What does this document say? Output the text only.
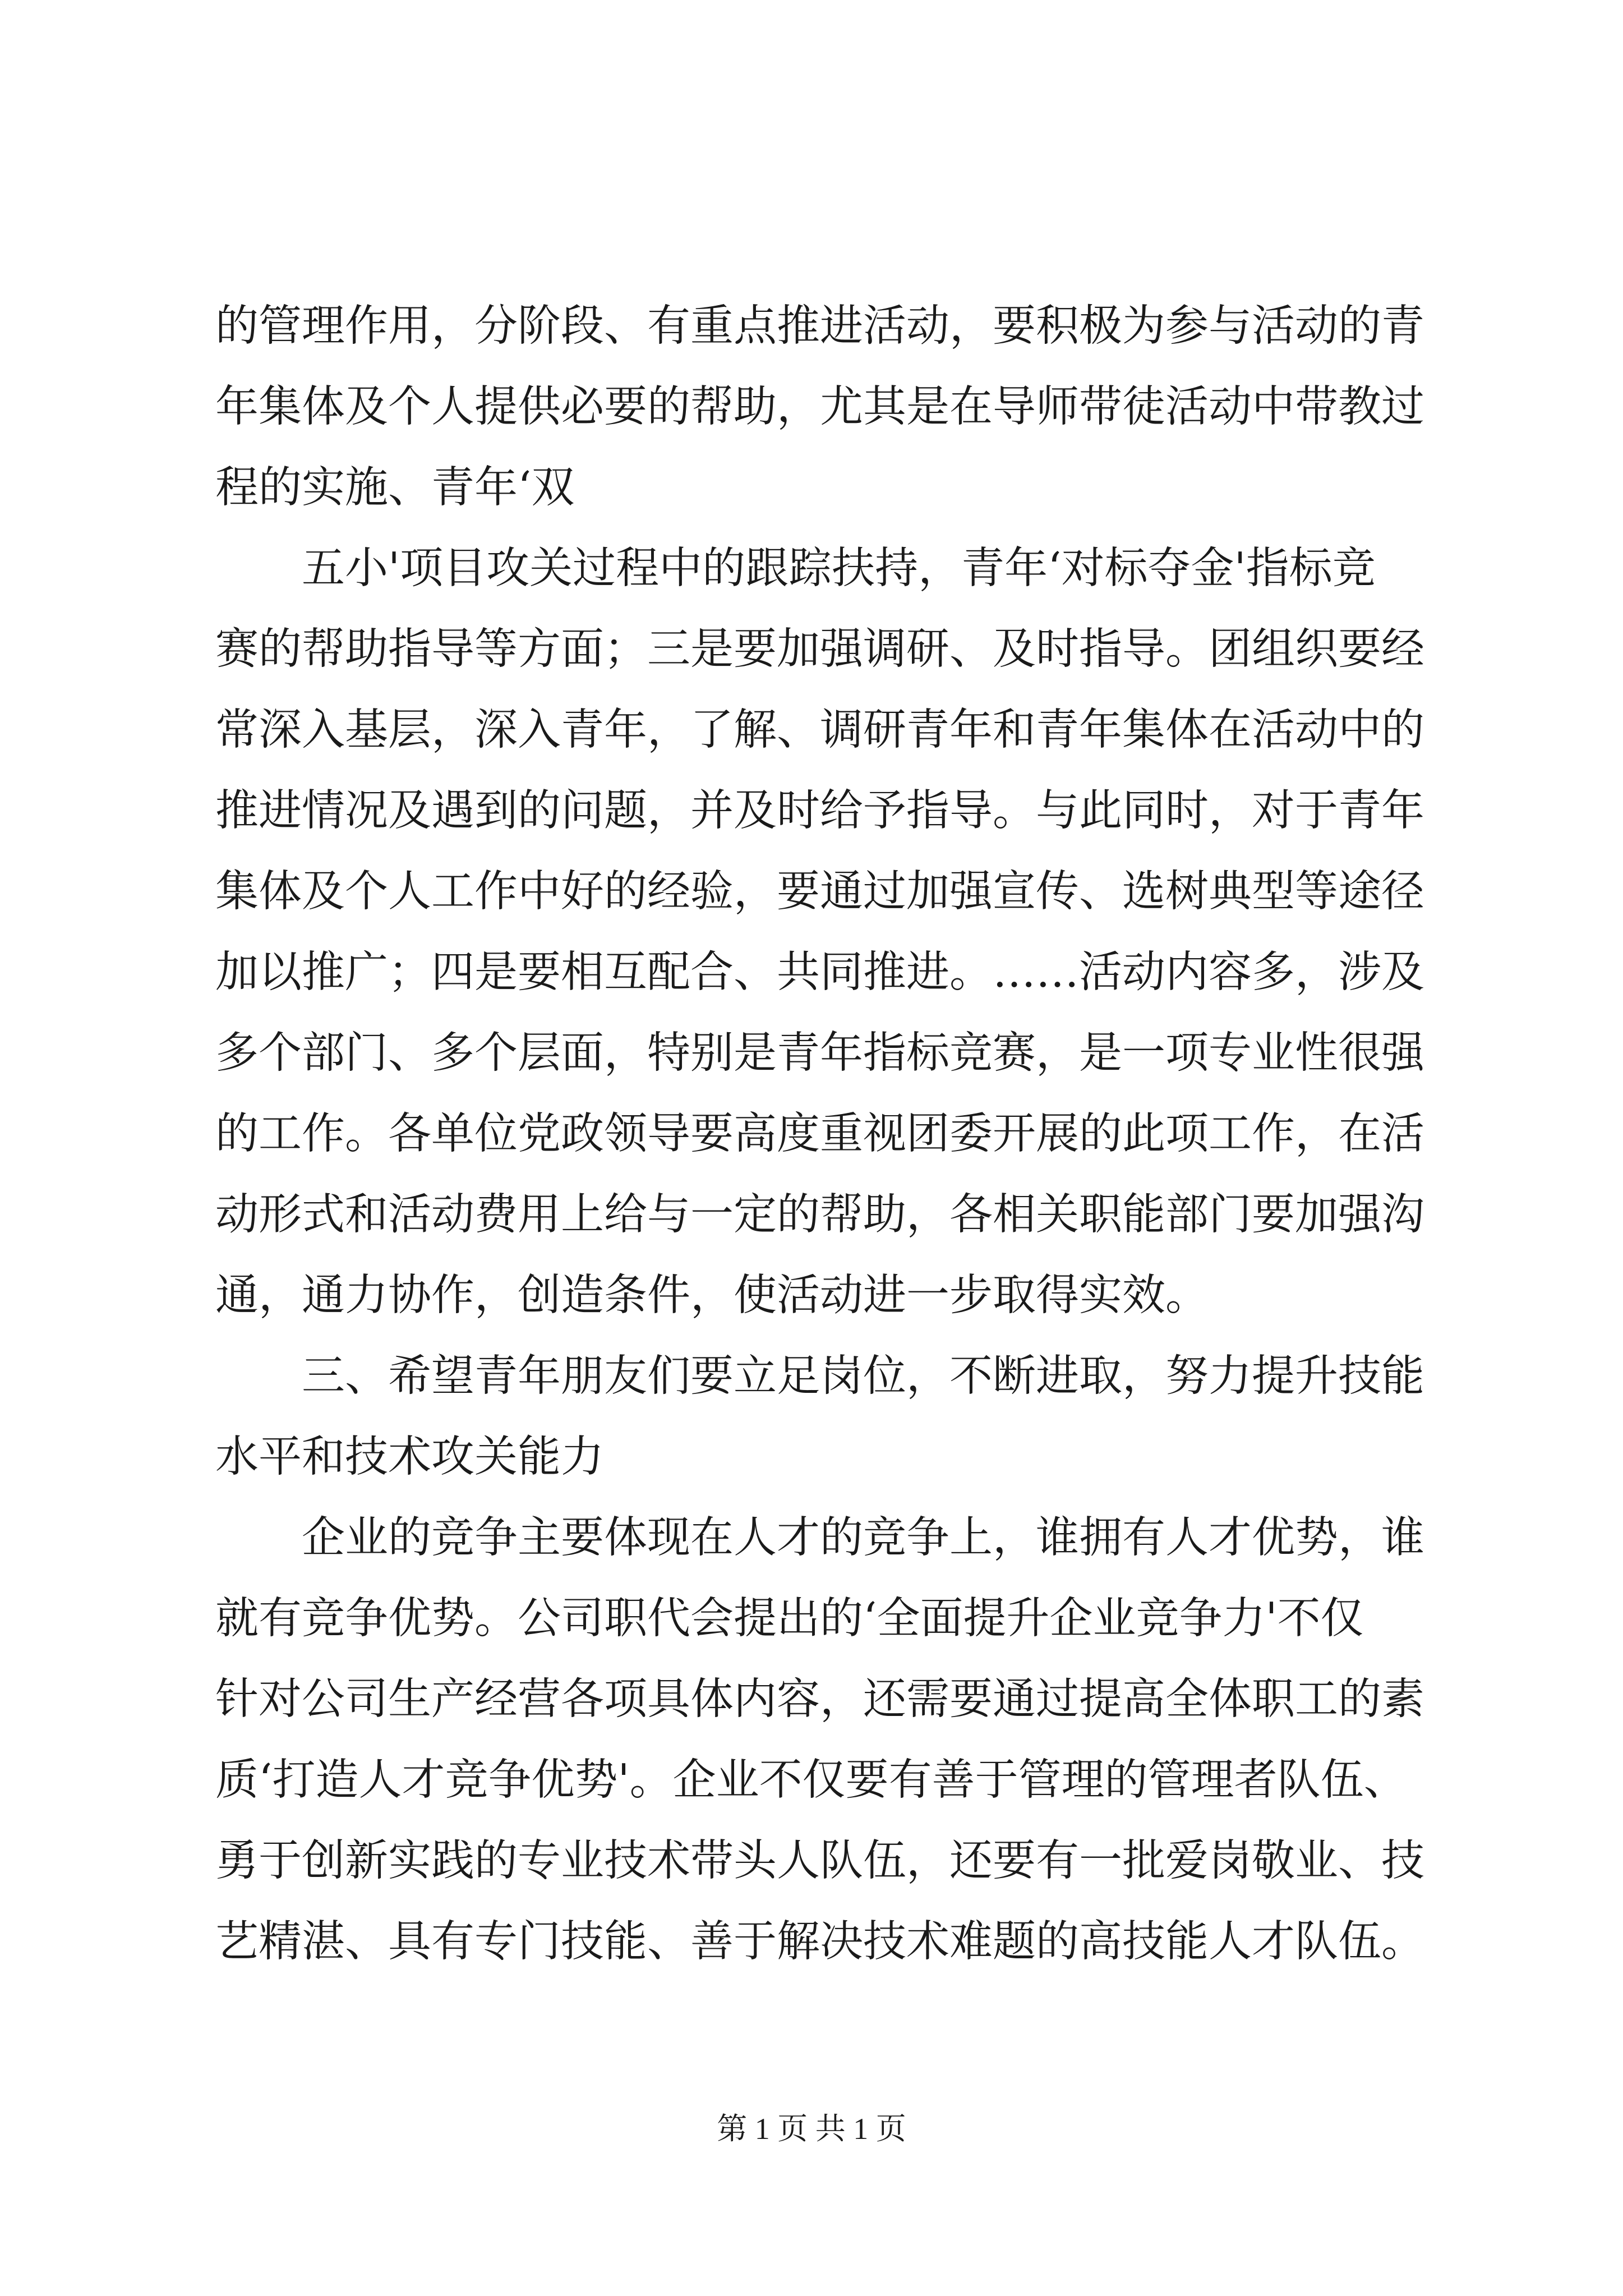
的管理作用，分阶段、有重点推进活动，要积极为参与活动的青
年集体及个人提供必要的帮助，尤其是在导师带徒活动中带教过
程的实施、青年‘双
　　五小'项目攻关过程中的跟踪扶持，青年‘对标夺金'指标竞
赛的帮助指导等方面；三是要加强调研、及时指导。团组织要经
常深入基层，深入青年，了解、调研青年和青年集体在活动中的
推进情况及遇到的问题，并及时给予指导。与此同时，对于青年
集体及个人工作中好的经验，要通过加强宣传、选树典型等途径
加以推广；四是要相互配合、共同推进。……活动内容多，涉及
多个部门、多个层面，特别是青年指标竞赛，是一项专业性很强
的工作。各单位党政领导要高度重视团委开展的此项工作，在活
动形式和活动费用上给与一定的帮助，各相关职能部门要加强沟
通，通力协作，创造条件，使活动进一步取得实效。
　　三、希望青年朋友们要立足岗位，不断进取，努力提升技能
水平和技术攻关能力
　　企业的竞争主要体现在人才的竞争上，谁拥有人才优势，谁
就有竞争优势。公司职代会提出的‘全面提升企业竞争力'不仅
针对公司生产经营各项具体内容，还需要通过提高全体职工的素
质‘打造人才竞争优势'。企业不仅要有善于管理的管理者队伍、
勇于创新实践的专业技术带头人队伍，还要有一批爱岗敬业、技
艺精湛、具有专门技能、善于解决技术难题的高技能人才队伍。
第 1 页 共 1 页
